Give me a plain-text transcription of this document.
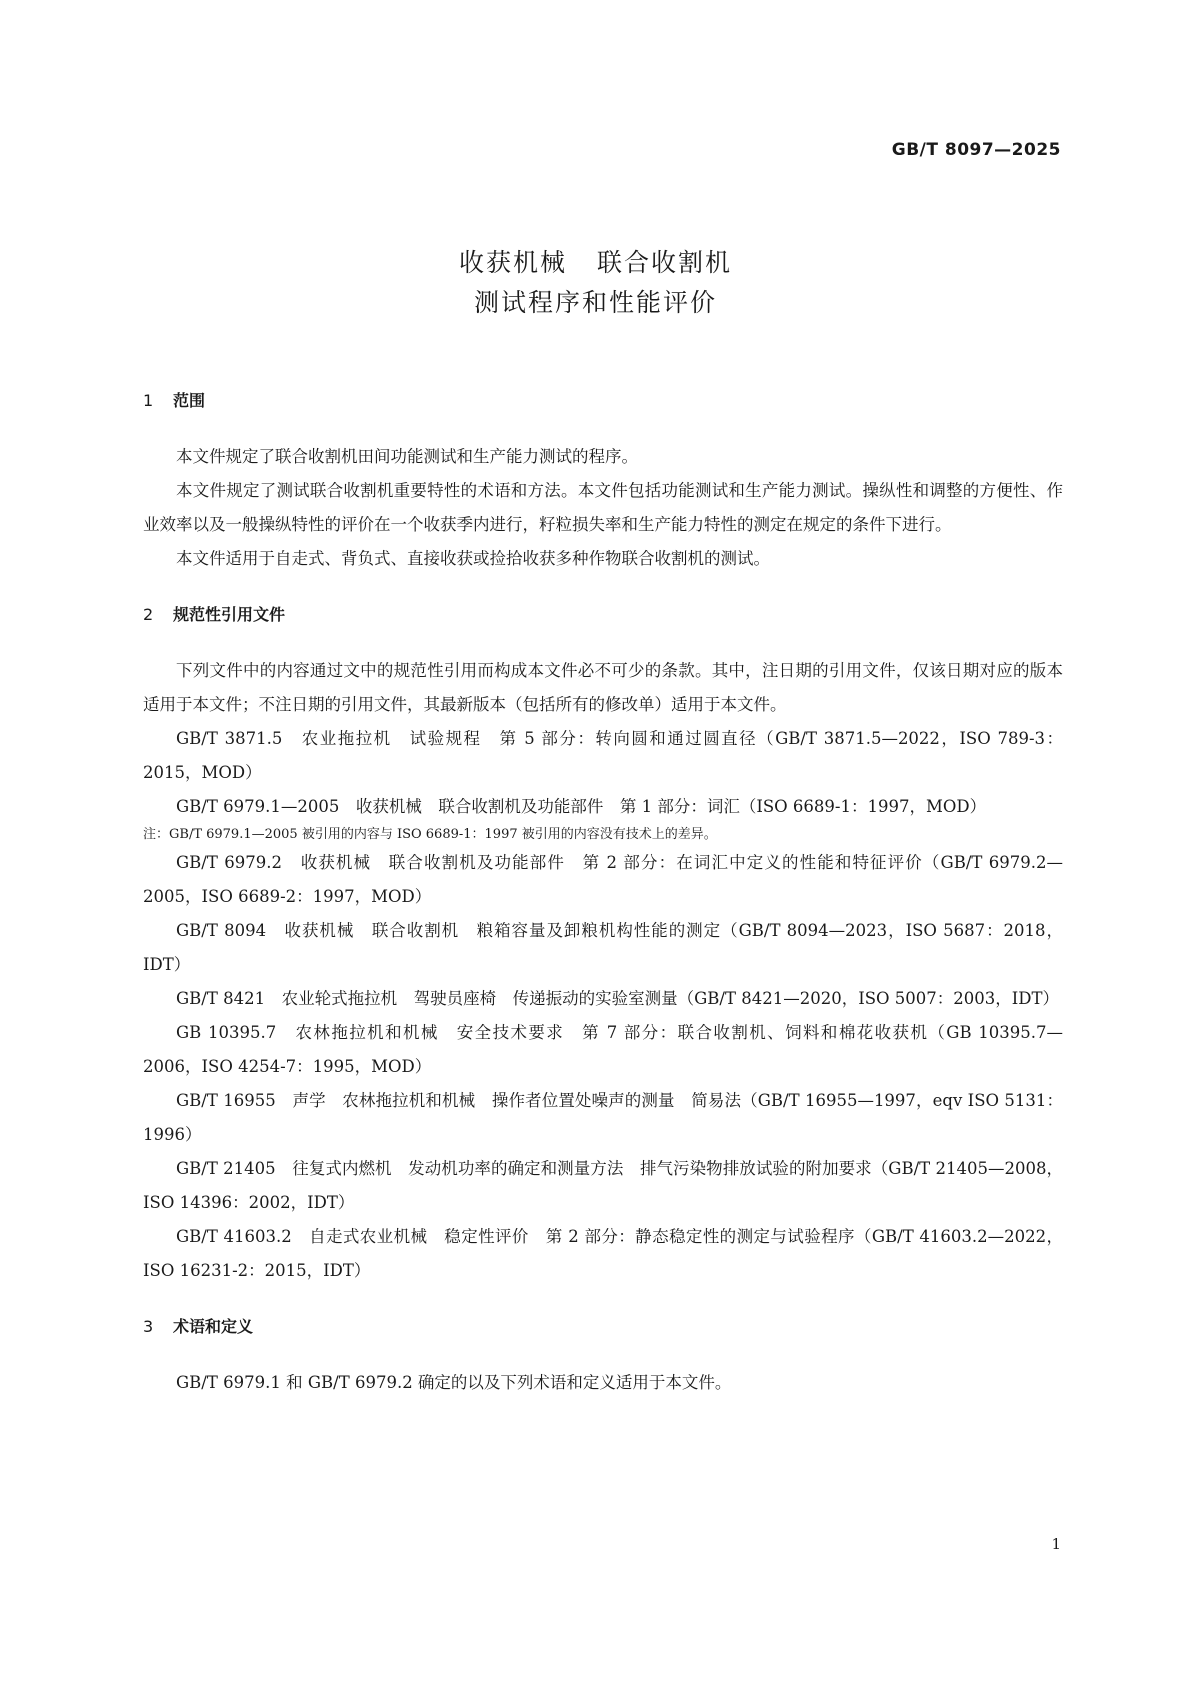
GB/T 8097—2025
收获机械 联合收割机
测试程序和性能评价
1 范围

本文件规定了联合收割机田间功能测试和生产能力测试的程序。

本文件规定了测试联合收割机重要特性的术语和方法。本文件包括功能测试和生产能力测试。操纵性和调整的方便性、作业效率以及一般操纵特性的评价在一个收获季内进行，籽粒损失率和生产能力特性的测定在规定的条件下进行。

本文件适用于自走式、背负式、直接收获或捡拾收获多种作物联合收割机的测试。

2 规范性引用文件

下列文件中的内容通过文中的规范性引用而构成本文件必不可少的条款。其中，注日期的引用文件，仅该日期对应的版本适用于本文件；不注日期的引用文件，其最新版本（包括所有的修改单）适用于本文件。

GB/T 3871.5　农业拖拉机　试验规程　第 5 部分：转向圆和通过圆直径（GB/T 3871.5—2022，ISO 789-3：2015，MOD）

GB/T 6979.1—2005　收获机械　联合收割机及功能部件　第 1 部分：词汇（ISO 6689-1：1997，MOD）

注：GB/T 6979.1—2005 被引用的内容与 ISO 6689-1：1997 被引用的内容没有技术上的差异。

GB/T 6979.2　收获机械　联合收割机及功能部件　第 2 部分：在词汇中定义的性能和特征评价（GB/T 6979.2—2005，ISO 6689-2：1997，MOD）

GB/T 8094　收获机械　联合收割机　粮箱容量及卸粮机构性能的测定（GB/T 8094—2023，ISO 5687：2018，IDT）

GB/T 8421　农业轮式拖拉机　驾驶员座椅　传递振动的实验室测量（GB/T 8421—2020，ISO 5007：2003，IDT）

GB 10395.7　农林拖拉机和机械　安全技术要求　第 7 部分：联合收割机、饲料和棉花收获机（GB 10395.7—2006，ISO 4254-7：1995，MOD）

GB/T 16955　声学　农林拖拉机和机械　操作者位置处噪声的测量　简易法（GB/T 16955—1997，eqv ISO 5131：1996）

GB/T 21405　往复式内燃机　发动机功率的确定和测量方法　排气污染物排放试验的附加要求（GB/T 21405—2008，ISO 14396：2002，IDT）

GB/T 41603.2　自走式农业机械　稳定性评价　第 2 部分：静态稳定性的测定与试验程序（GB/T 41603.2—2022，ISO 16231-2：2015，IDT）

3 术语和定义

GB/T 6979.1 和 GB/T 6979.2 确定的以及下列术语和定义适用于本文件。

1
